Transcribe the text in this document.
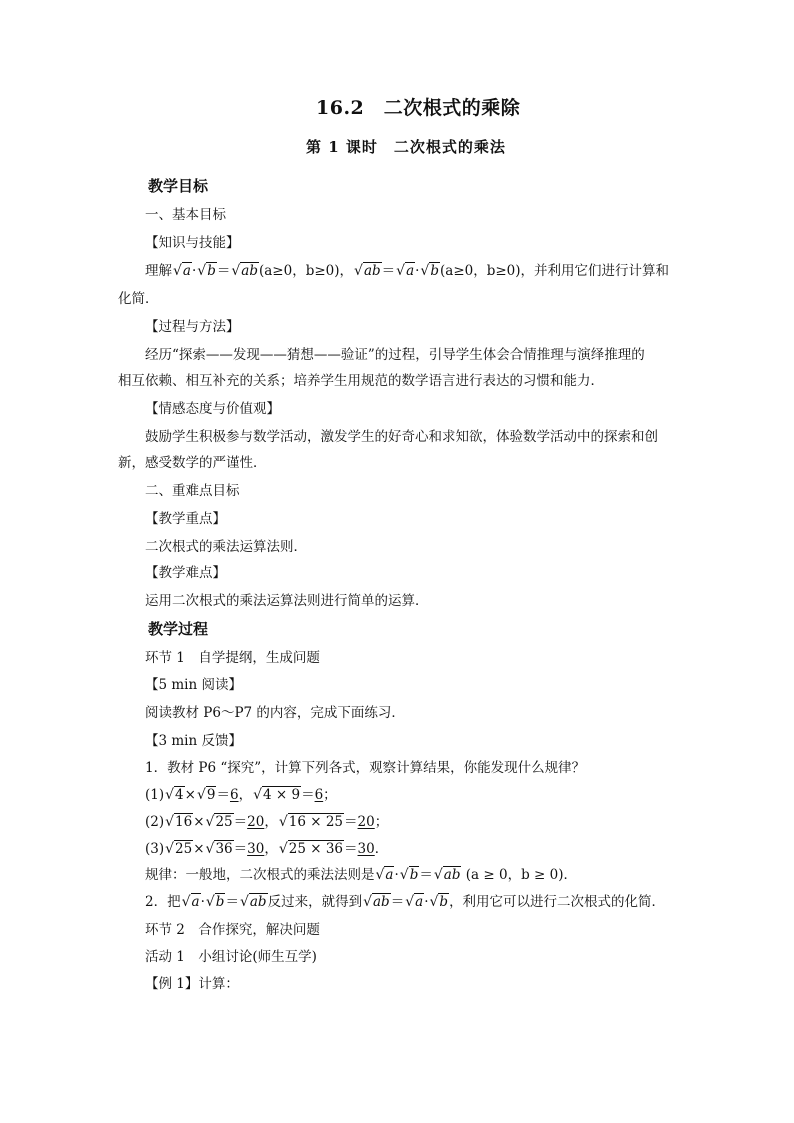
16.2　二次根式的乘除
第 1 课时　二次根式的乘法
教学目标
一、基本目标
【知识与技能】
理解√a·√b＝√ab(a≥0，b≥0)，√ab＝√a·√b(a≥0，b≥0)，并利用它们进行计算和
化简．
【过程与方法】
经历“探索——发现——猜想——验证”的过程，引导学生体会合情推理与演绎推理的
相互依赖、相互补充的关系；培养学生用规范的数学语言进行表达的习惯和能力．
【情感态度与价值观】
鼓励学生积极参与数学活动，激发学生的好奇心和求知欲，体验数学活动中的探索和创
新，感受数学的严谨性．
二、重难点目标
【教学重点】
二次根式的乘法运算法则．
【教学难点】
运用二次根式的乘法运算法则进行简单的运算．
教学过程
环节 1　自学提纲，生成问题
【5 min 阅读】
阅读教材 P6～P7 的内容，完成下面练习．
【3 min 反馈】
1．教材 P6 “探究”，计算下列各式，观察计算结果，你能发现什么规律？
(1)√4×√9＝6，√4 × 9＝6；
(2)√16×√25＝20，√16 × 25＝20；
(3)√25×√36＝30，√25 × 36＝30．
规律：一般地，二次根式的乘法法则是√a·√b＝√ab (a ≥ 0，b ≥ 0)．
2．把√a·√b＝√ab反过来，就得到√ab＝√a·√b，利用它可以进行二次根式的化简．
环节 2　合作探究，解决问题
活动 1　小组讨论(师生互学)
【例 1】计算：
